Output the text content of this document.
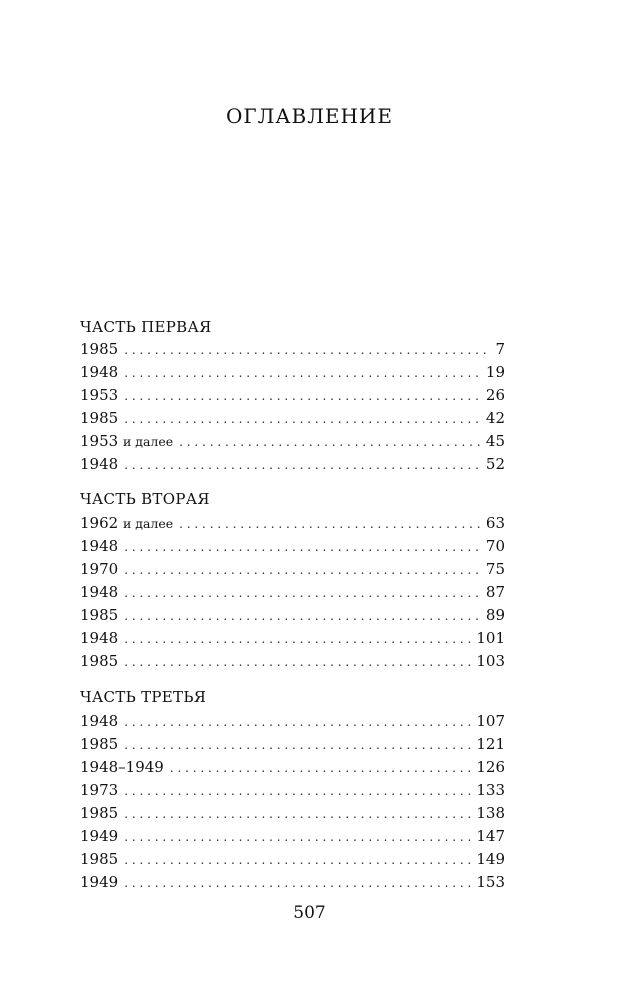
ОГЛАВЛЕНИЕ
ЧАСТЬ ПЕРВАЯ
1985 . . .	7
1948 . . .	19
1953 . . .	26
1985 . . .	42
1953 и далее . . .	45
1948 . . .	52
ЧАСТЬ ВТОРАЯ
1962 и далее . . .	63
1948 . . .	70
1970 . . .	75
1948 . . .	87
1985 . . .	89
1948 . . .	101
1985 . . .	103
ЧАСТЬ ТРЕТЬЯ
1948 . . .	107
1985 . . .	121
1948–1949 . . .	126
1973 . . .	133
1985 . . .	138
1949 . . .	147
1985 . . .	149
1949 . . .	153
507
